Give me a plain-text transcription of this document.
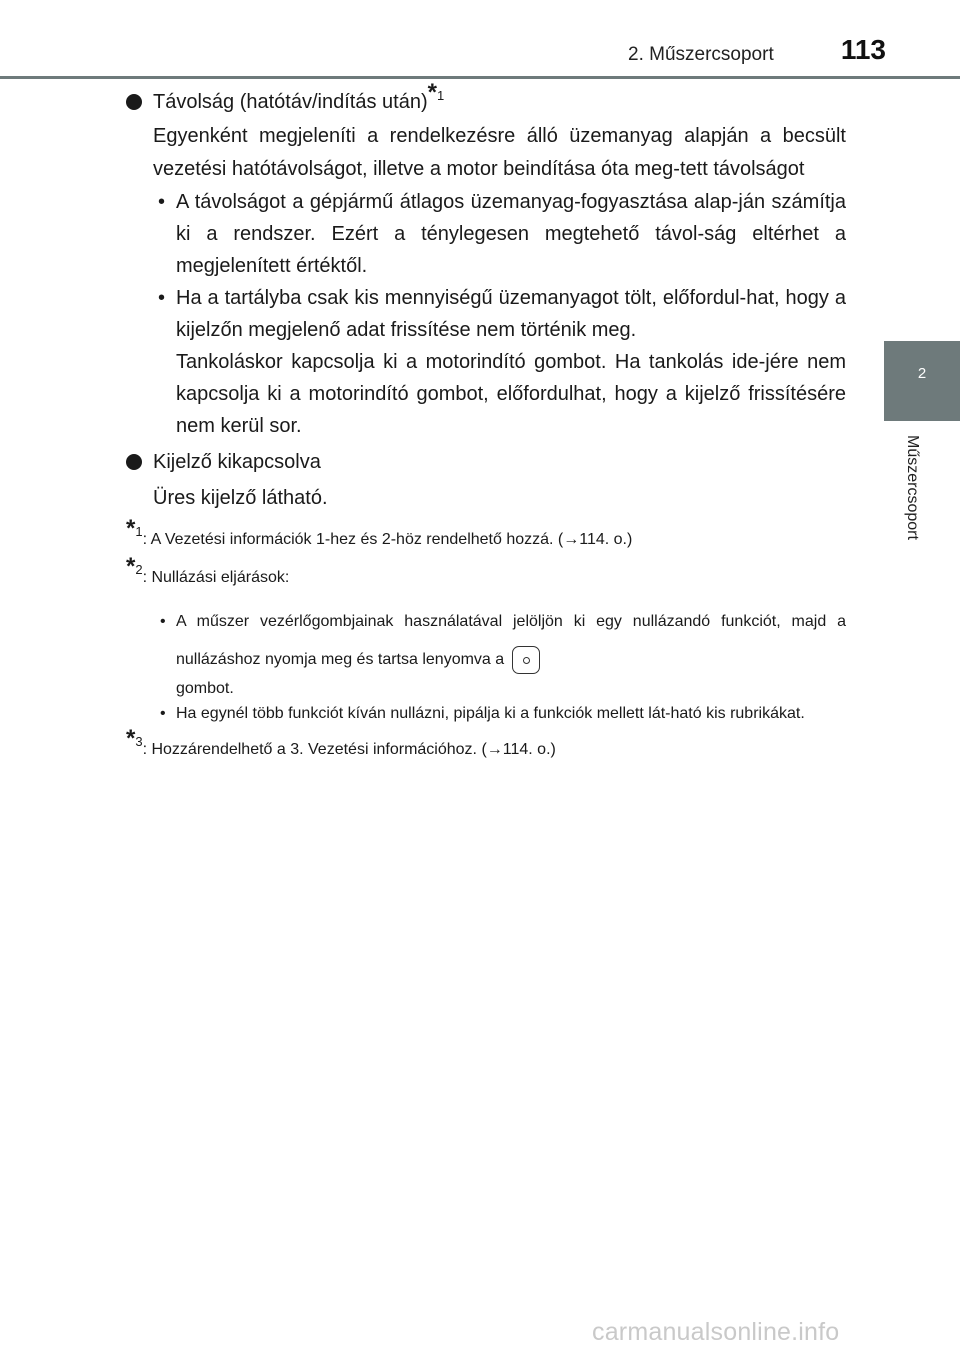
2. Műszercsoport	113
2
Műszercsoport
Távolság (hatótáv/indítás után)$^{*1}$
Egyenként megjeleníti a rendelkezésre álló üzemanyag alapján a becsült vezetési hatótávolságot, illetve a motor beindítása óta meg-tett távolságot
• A távolságot a gépjármű átlagos üzemanyag-fogyasztása alap-ján számítja ki a rendszer. Ezért a ténylegesen megtehető távol-ság eltérhet a megjelenített értéktől.
• Ha a tartályba csak kis mennyiségű üzemanyagot tölt, előfordul-hat, hogy a kijelzőn megjelenő adat frissítése nem történik meg.
Tankoláskor kapcsolja ki a motorindító gombot. Ha tankolás ide-jére nem kapcsolja ki a motorindító gombot, előfordulhat, hogy a kijelző frissítésére nem kerül sor.
Kijelző kikapcsolva
Üres kijelző látható.
$^{*1}$: A Vezetési információk 1-hez és 2-höz rendelhető hozzá. (→114. o.)
$^{*2}$: Nullázási eljárások:
• A műszer vezérlőgombjainak használatával jelöljön ki egy nullázandó funkciót, majd a nullázáshoz nyomja meg és tartsa lenyomva a
gombot.
• Ha egynél több funkciót kíván nullázni, pipálja ki a funkciók mellett lát-ható kis rubrikákat.
$^{*3}$: Hozzárendelhető a 3. Vezetési információhoz. (→114. o.)
carmanualsonline.info
